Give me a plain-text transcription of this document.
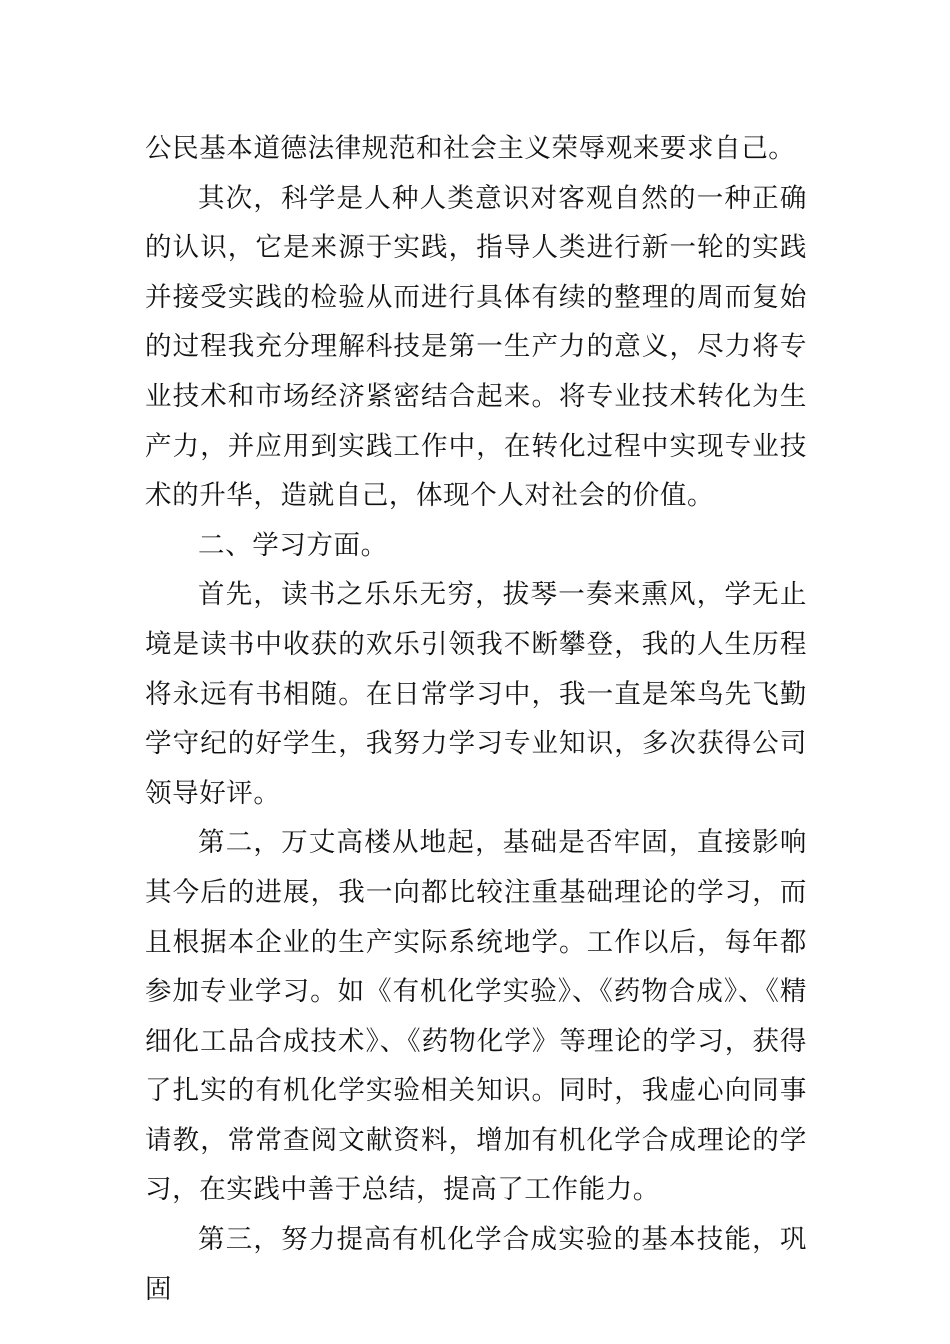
公民基本道德法律规范和社会主义荣辱观来要求自己。

其次，科学是人种人类意识对客观自然的一种正确的认识，它是来源于实践，指导人类进行新一轮的实践并接受实践的检验从而进行具体有续的整理的周而复始的过程我充分理解科技是第一生产力的意义，尽力将专业技术和市场经济紧密结合起来。将专业技术转化为生产力，并应用到实践工作中，在转化过程中实现专业技术的升华，造就自己，体现个人对社会的价值。

二、学习方面。

首先，读书之乐乐无穷，拔琴一奏来熏风，学无止境是读书中收获的欢乐引领我不断攀登，我的人生历程将永远有书相随。在日常学习中，我一直是笨鸟先飞勤学守纪的好学生，我努力学习专业知识，多次获得公司领导好评。

第二，万丈高楼从地起，基础是否牢固，直接影响其今后的进展，我一向都比较注重基础理论的学习，而且根据本企业的生产实际系统地学。工作以后，每年都参加专业学习。如《有机化学实验》、《药物合成》、《精细化工品合成技术》、《药物化学》等理论的学习，获得了扎实的有机化学实验相关知识。同时，我虚心向同事请教，常常查阅文献资料，增加有机化学合成理论的学习，在实践中善于总结，提高了工作能力。

第三，努力提高有机化学合成实验的基本技能，巩固
